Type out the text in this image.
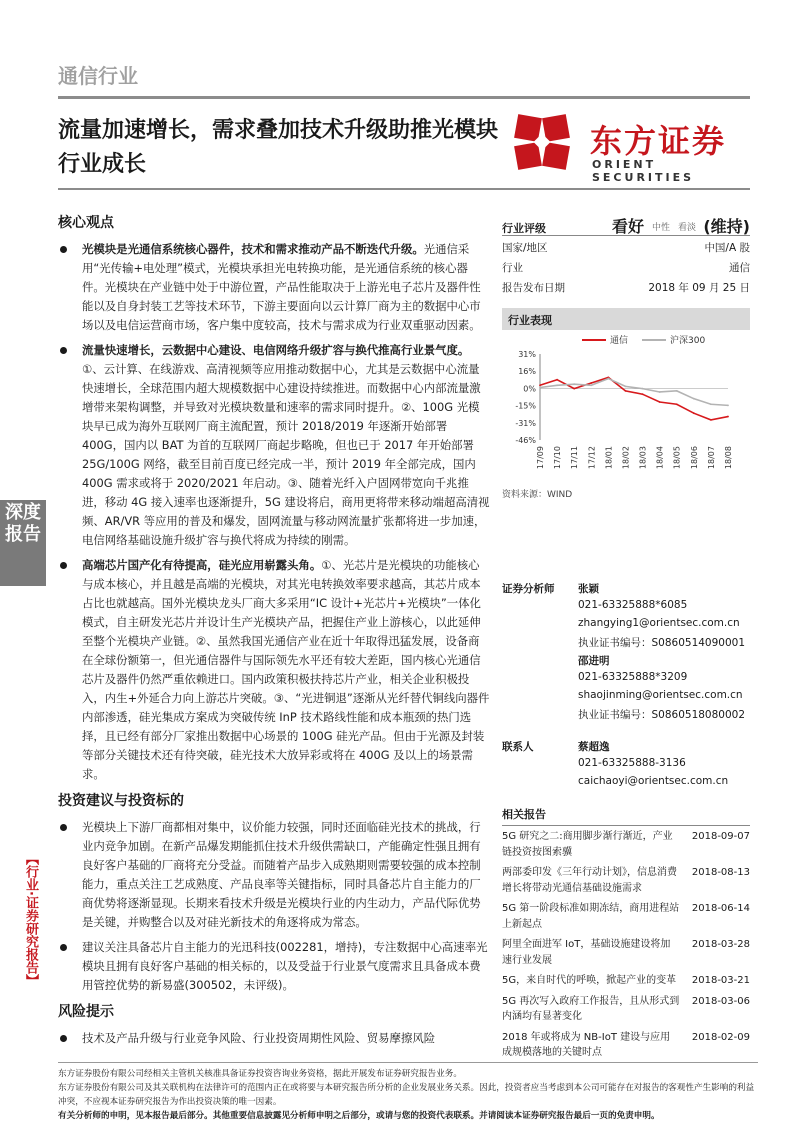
通信行业
流量加速增长，需求叠加技术升级助推光模块行业成长
东方证券
ORIENT SECURITIES
深度报告
【行业·证券研究报告】
核心观点
光模块是光通信系统核心器件，技术和需求推动产品不断迭代升级。光通信采用“光传输+电处理”模式，光模块承担光电转换功能，是光通信系统的核心器件。光模块在产业链中处于中游位置，产品性能取决于上游光电子芯片及器件性能以及自身封装工艺等技术环节，下游主要面向以云计算厂商为主的数据中心市场以及电信运营商市场，客户集中度较高，技术与需求成为行业双重驱动因素。
流量快速增长，云数据中心建设、电信网络升级扩容与换代推高行业景气度。①、云计算、在线游戏、高清视频等应用推动数据中心，尤其是云数据中心流量快速增长，全球范围内超大规模数据中心建设持续推进。而数据中心内部流量激增带来架构调整，并导致对光模块数量和速率的需求同时提升。②、100G 光模块早已成为海外互联网厂商主流配置，预计 2018/2019 年逐渐开始部署 400G，国内以 BAT 为首的互联网厂商起步略晚，但也已于 2017 年开始部署 25G/100G 网络，截至目前百度已经完成一半，预计 2019 年全部完成，国内 400G 需求或将于 2020/2021 年启动。③、随着光纤入户固网带宽向千兆推进，移动 4G 接入速率也逐渐提升，5G 建设将启，商用更将带来移动端超高清视频、AR/VR 等应用的普及和爆发，固网流量与移动网流量扩张都将进一步加速，电信网络基础设施升级扩容与换代将成为持续的刚需。
高端芯片国产化有待提高，硅光应用崭露头角。①、光芯片是光模块的功能核心与成本核心，并且越是高端的光模块，对其光电转换效率要求越高，其芯片成本占比也就越高。国外光模块龙头厂商大多采用“IC 设计+光芯片+光模块”一体化模式，自主研发光芯片并设计生产光模块产品，把握住产业上游核心，以此延伸至整个光模块产业链。②、虽然我国光通信产业在近十年取得迅猛发展，设备商在全球份额第一，但光通信器件与国际领先水平还有较大差距，国内核心光通信芯片及器件仍然严重依赖进口。国内政策积极扶持芯片产业，相关企业积极投入，内生+外延合力向上游芯片突破。③、“光进铜退”逐渐从光纤替代铜线向器件内部渗透，硅光集成方案成为突破传统 InP 技术路线性能和成本瓶颈的热门选择，且已经有部分厂家推出数据中心场景的 100G 硅光产品。但由于光源及封装等部分关键技术还有待突破，硅光技术大放异彩或将在 400G 及以上的场景需求。
投资建议与投资标的
光模块上下游厂商都相对集中，议价能力较强，同时还面临硅光技术的挑战，行业内竞争加剧。在新产品爆发期能抓住技术升级供需缺口，产能确定性强且拥有良好客户基础的厂商将充分受益。而随着产品步入成熟期则需要较强的成本控制能力，重点关注工艺成熟度、产品良率等关键指标，同时具备芯片自主能力的厂商优势将逐渐显现。长期来看技术升级是光模块行业的内生动力，产品代际优势是关键，并购整合以及对硅光新技术的角逐将成为常态。
建议关注具备芯片自主能力的光迅科技(002281，增持)，专注数据中心高速率光模块且拥有良好客户基础的相关标的，以及受益于行业景气度需求且具备成本费用管控优势的新易盛(300502，未评级)。
风险提示
技术及产品升级与行业竞争风险、行业投资周期性风险、贸易摩擦风险
行业评级	看好 中性 看淡 (维持)
国家/地区	中国/A 股
行业	通信
报告发布日期	2018 年 09 月 25 日
行业表现
通信	沪深300
31%
16%
0%
-15%
-31%
-46%
17/09 17/10 17/11 17/12 18/01 18/02 18/03 18/04 18/05 18/06 18/07 18/08
资料来源：WIND
证券分析师 张颖
021-63325888*6085
zhangying1@orientsec.com.cn
执业证书编号：S0860514090001
邵进明
021-63325888*3209
shaojinming@orientsec.com.cn
执业证书编号：S0860518080002
联系人	蔡超逸
021-63325888-3136
caichaoyi@orientsec.com.cn
相关报告
5G 研究之二:商用脚步渐行渐近，产业链投资按图索骥
2018-09-07
两部委印发《三年行动计划》，信息消费增长将带动光通信基础设施需求
2018-08-13
5G 第一阶段标准如期冻结，商用进程站上新起点
2018-06-14
阿里全面进军 IoT，基础设施建设将加速行业发展
2018-03-28
5G，来自时代的呼唤，掀起产业的变革 2018-03-21
5G 再次写入政府工作报告，且从形式到内涵均有显著变化
2018-03-06
2018 年或将成为 NB-IoT 建设与应用成规模落地的关键时点
2018-02-09
东方证券股份有限公司经相关主管机关核准具备证券投资咨询业务资格，据此开展发布证券研究报告业务。
东方证券股份有限公司及其关联机构在法律许可的范围内正在或将要与本研究报告所分析的企业发展业务关系。因此，投资者应当考虑到本公司可能存在对报告的客观性产生影响的利益冲突，不应视本证券研究报告为作出投资决策的唯一因素。
有关分析师的申明，见本报告最后部分。其他重要信息披露见分析师申明之后部分，或请与您的投资代表联系。并请阅读本证券研究报告最后一页的免责申明。
